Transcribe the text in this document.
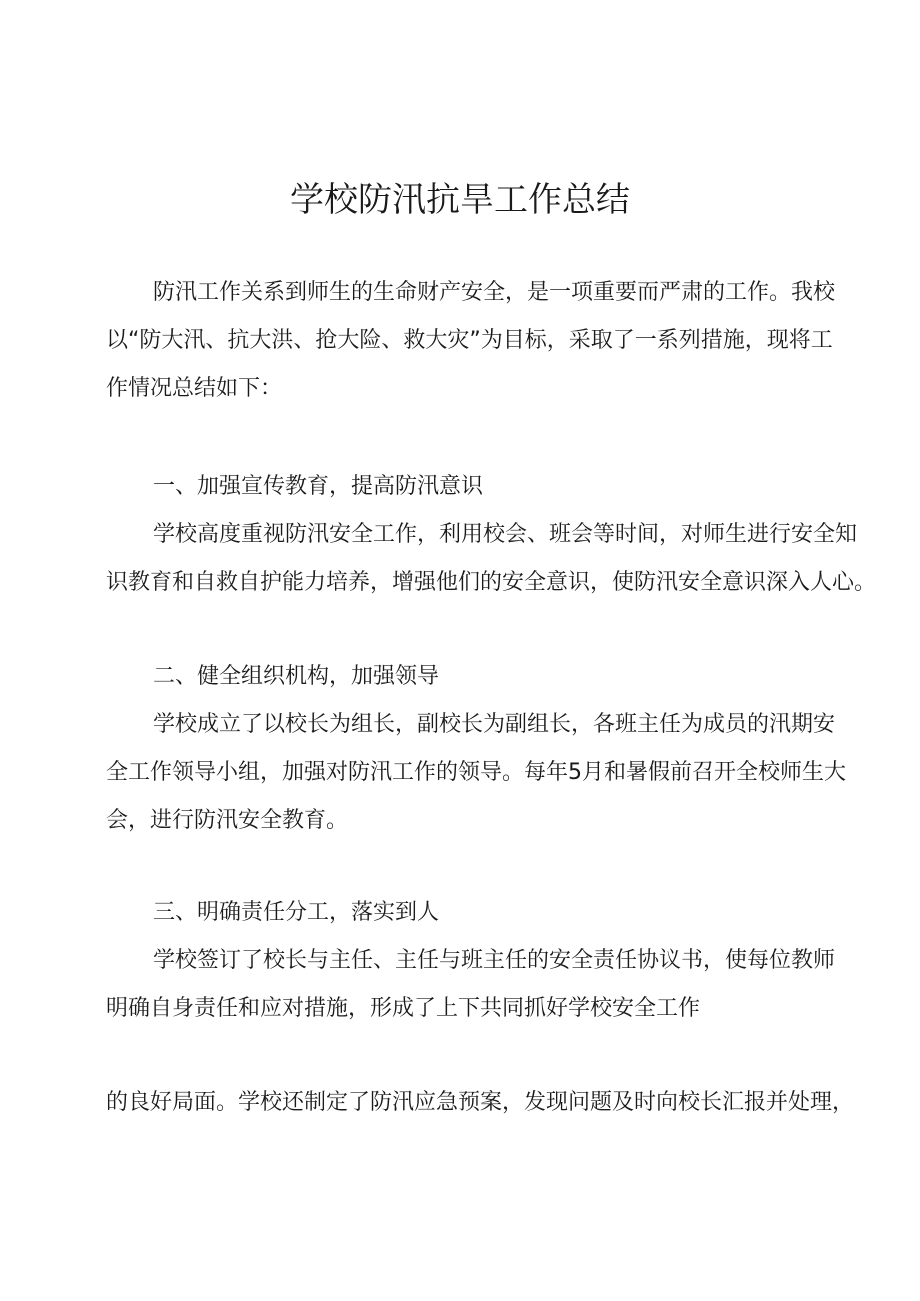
学校防汛抗旱工作总结

防汛工作关系到师生的生命财产安全，是一项重要而严肃的工作。我校

以“防大汛、抗大洪、抢大险、救大灾”为目标，采取了一系列措施，现将工

作情况总结如下：

一、加强宣传教育，提高防汛意识

学校高度重视防汛安全工作，利用校会、班会等时间，对师生进行安全知

识教育和自救自护能力培养，增强他们的安全意识，使防汛安全意识深入人心。

二、健全组织机构，加强领导

学校成立了以校长为组长，副校长为副组长，各班主任为成员的汛期安

全工作领导小组，加强对防汛工作的领导。每年5月和暑假前召开全校师生大

会，进行防汛安全教育。

三、明确责任分工，落实到人

学校签订了校长与主任、主任与班主任的安全责任协议书，使每位教师

明确自身责任和应对措施，形成了上下共同抓好学校安全工作

的良好局面。学校还制定了防汛应急预案，发现问题及时向校长汇报并处理，
